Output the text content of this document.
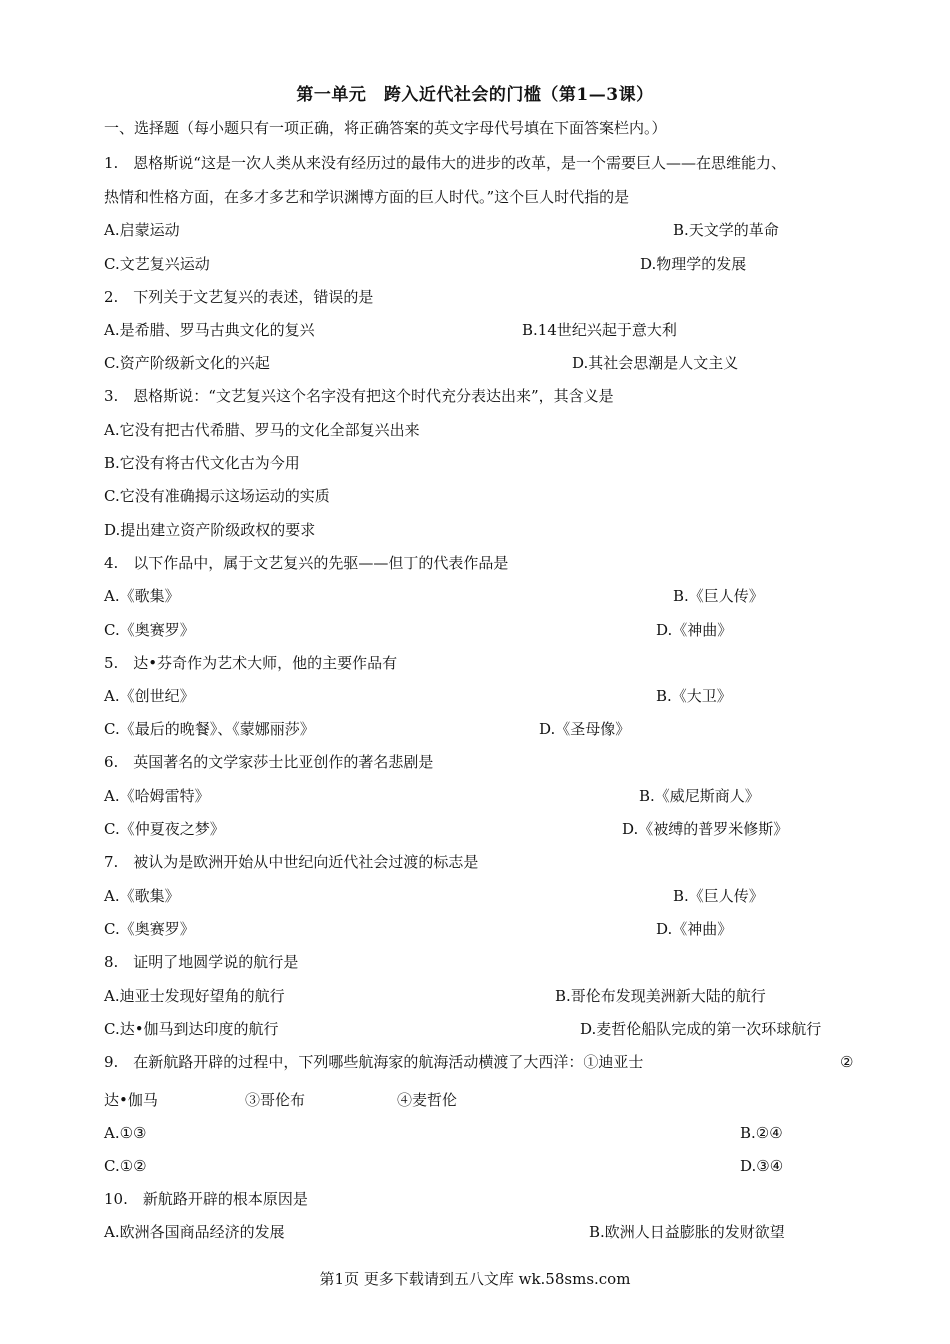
第一单元　跨入近代社会的门槛（第1—3课）
一、选择题（每小题只有一项正确，将正确答案的英文字母代号填在下面答案栏内。）
1.　恩格斯说“这是一次人类从来没有经历过的最伟大的进步的改革，是一个需要巨人——在思维能力、
热情和性格方面，在多才多艺和学识渊博方面的巨人时代。”这个巨人时代指的是
A.启蒙运动	B.天文学的革命
C.文艺复兴运动	D.物理学的发展
2.　下列关于文艺复兴的表述，错误的是
A.是希腊、罗马古典文化的复兴	B.14世纪兴起于意大利
C.资产阶级新文化的兴起	D.其社会思潮是人文主义
3.　恩格斯说：“文艺复兴这个名字没有把这个时代充分表达出来”，其含义是
A.它没有把古代希腊、罗马的文化全部复兴出来
B.它没有将古代文化古为今用
C.它没有准确揭示这场运动的实质
D.提出建立资产阶级政权的要求
4.　以下作品中，属于文艺复兴的先驱——但丁的代表作品是
A.《歌集》	B.《巨人传》
C.《奥赛罗》	D.《神曲》
5.　达•芬奇作为艺术大师，他的主要作品有
A.《创世纪》	B.《大卫》
C.《最后的晚餐》、《蒙娜丽莎》	D.《圣母像》
6.　英国著名的文学家莎士比亚创作的著名悲剧是
A.《哈姆雷特》	B.《威尼斯商人》
C.《仲夏夜之梦》	D.《被缚的普罗米修斯》
7.　被认为是欧洲开始从中世纪向近代社会过渡的标志是
A.《歌集》	B.《巨人传》
C.《奥赛罗》	D.《神曲》
8.　证明了地圆学说的航行是
A.迪亚士发现好望角的航行	B.哥伦布发现美洲新大陆的航行
C.达•伽马到达印度的航行	D.麦哲伦船队完成的第一次环球航行
9.　在新航路开辟的过程中，下列哪些航海家的航海活动横渡了大西洋：①迪亚士	②
达•伽马	③哥伦布	④麦哲伦
A.①③	B.②④
C.①②	D.③④
10.　新航路开辟的根本原因是
A.欧洲各国商品经济的发展	B.欧洲人日益膨胀的发财欲望
第1页 更多下载请到五八文库 wk.58sms.com
